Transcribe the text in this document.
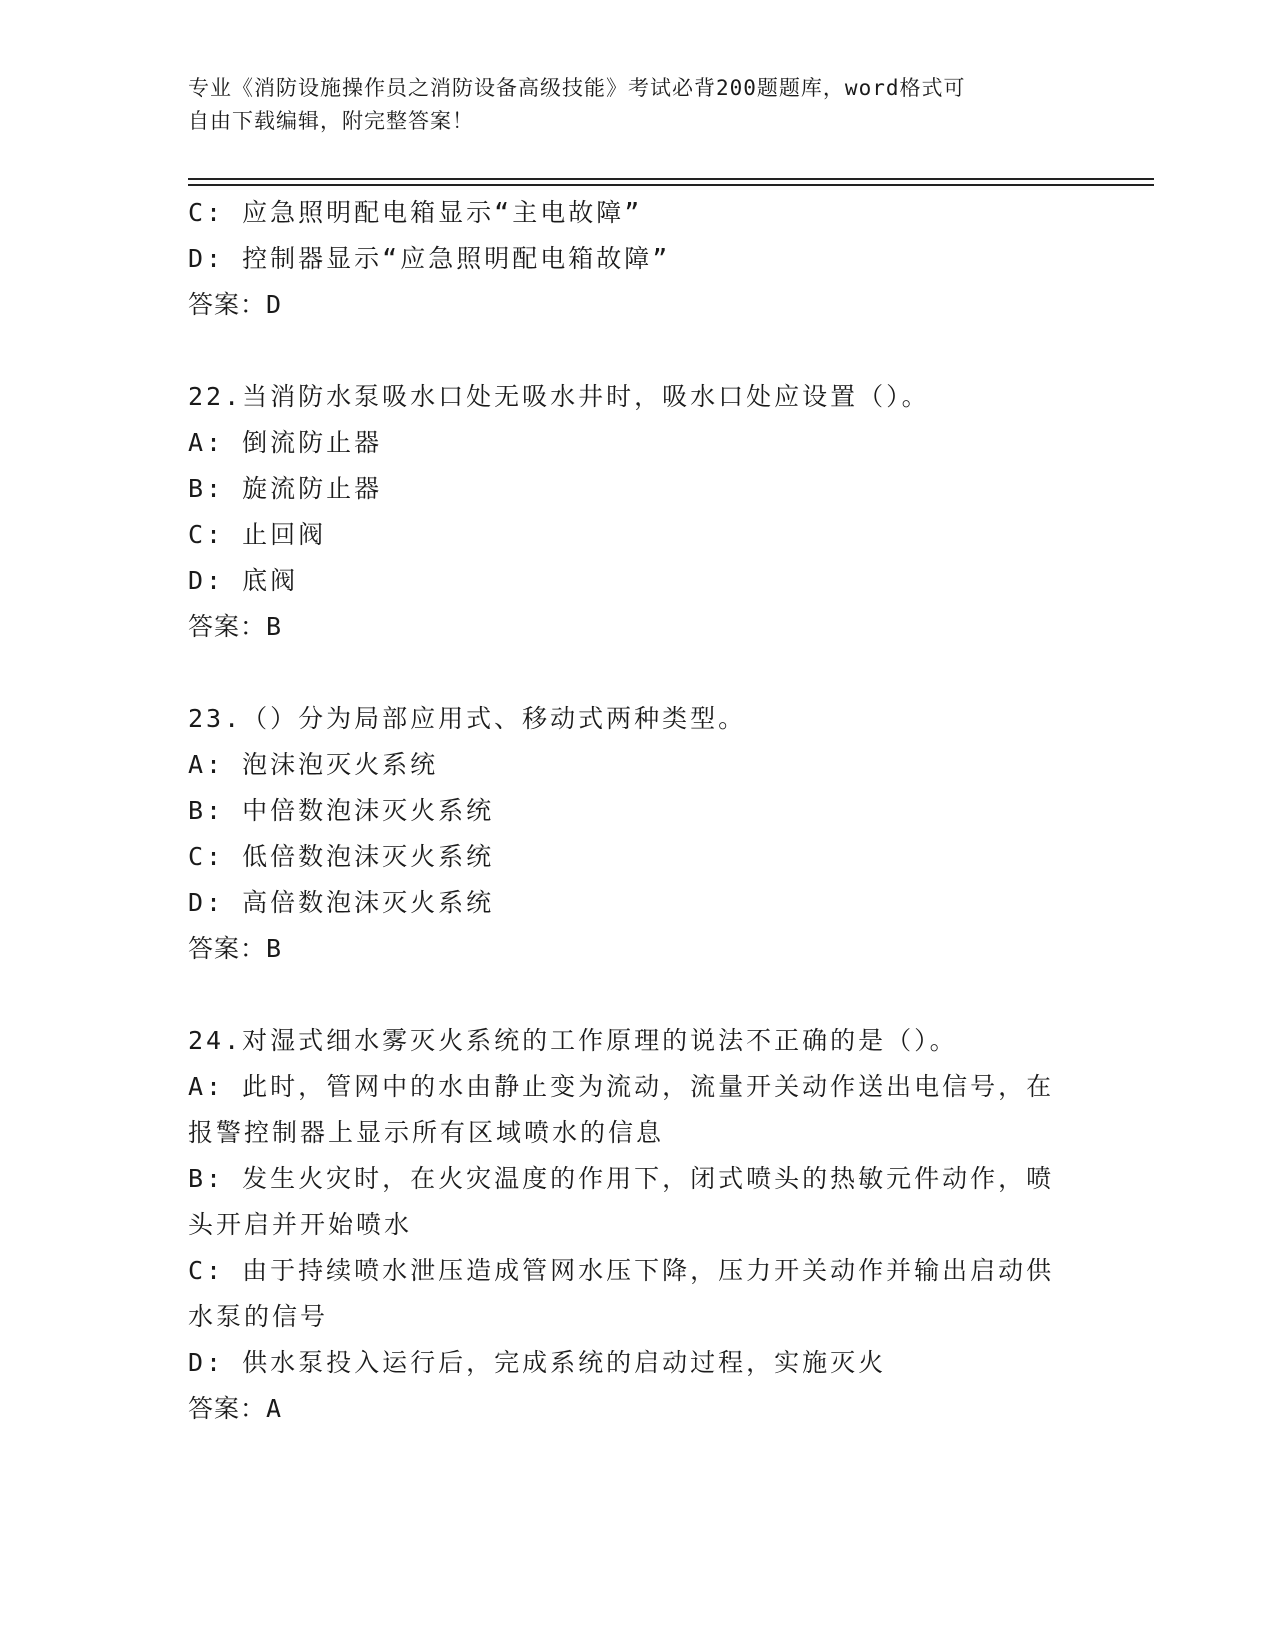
专业《消防设施操作员之消防设备高级技能》考试必背200题题库，word格式可
自由下载编辑，附完整答案！
C: 应急照明配电箱显示“主电故障”
D: 控制器显示“应急照明配电箱故障”
答案：D
22.当消防水泵吸水口处无吸水井时，吸水口处应设置（）。
A: 倒流防止器
B: 旋流防止器
C: 止回阀
D: 底阀
答案：B
23.（）分为局部应用式、移动式两种类型。
A: 泡沫泡灭火系统
B: 中倍数泡沫灭火系统
C: 低倍数泡沫灭火系统
D: 高倍数泡沫灭火系统
答案：B
24.对湿式细水雾灭火系统的工作原理的说法不正确的是（）。
A: 此时，管网中的水由静止变为流动，流量开关动作送出电信号，在
报警控制器上显示所有区域喷水的信息
B: 发生火灾时，在火灾温度的作用下，闭式喷头的热敏元件动作，喷
头开启并开始喷水
C: 由于持续喷水泄压造成管网水压下降，压力开关动作并输出启动供
水泵的信号
D: 供水泵投入运行后，完成系统的启动过程，实施灭火
答案：A
